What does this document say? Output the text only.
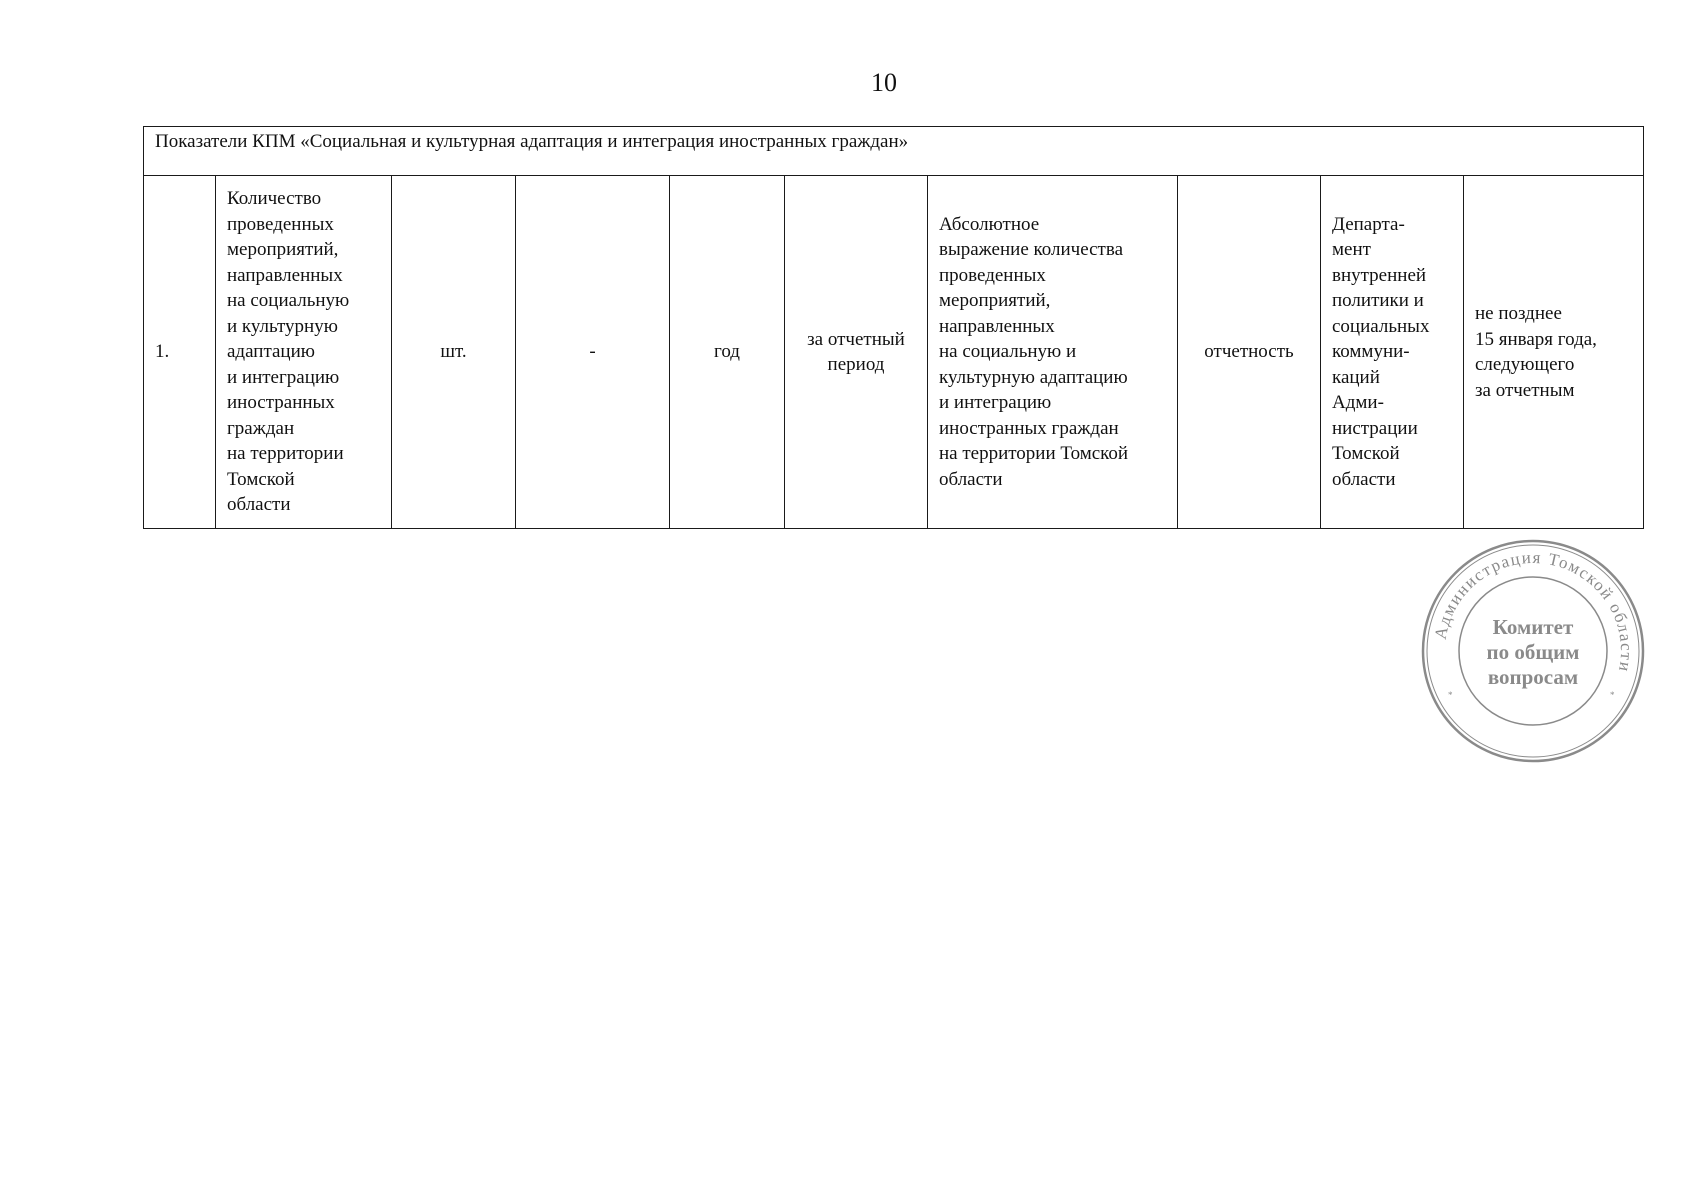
10
Показатели КПМ «Социальная и культурная адаптация и интеграция иностранных граждан»
1.	Количество
проведенных
мероприятий,
направленных
на социальную
и культурную
адаптацию
и интеграцию
иностранных
граждан
на территории
Томской
области	шт.	-	год	за отчетный
период	Абсолютное
выражение количества
проведенных
мероприятий,
направленных
на социальную и
культурную адаптацию
и интеграцию
иностранных граждан
на территории Томской
области	отчетность	Департа-
мент
внутренней
политики и
социальных
коммуни-
каций
Адми-
нистрации
Томской
области	не позднее
15 января года,
следующего
за отчетным
Администрация Томской области
*	*
Комитет
по общим
вопросам
